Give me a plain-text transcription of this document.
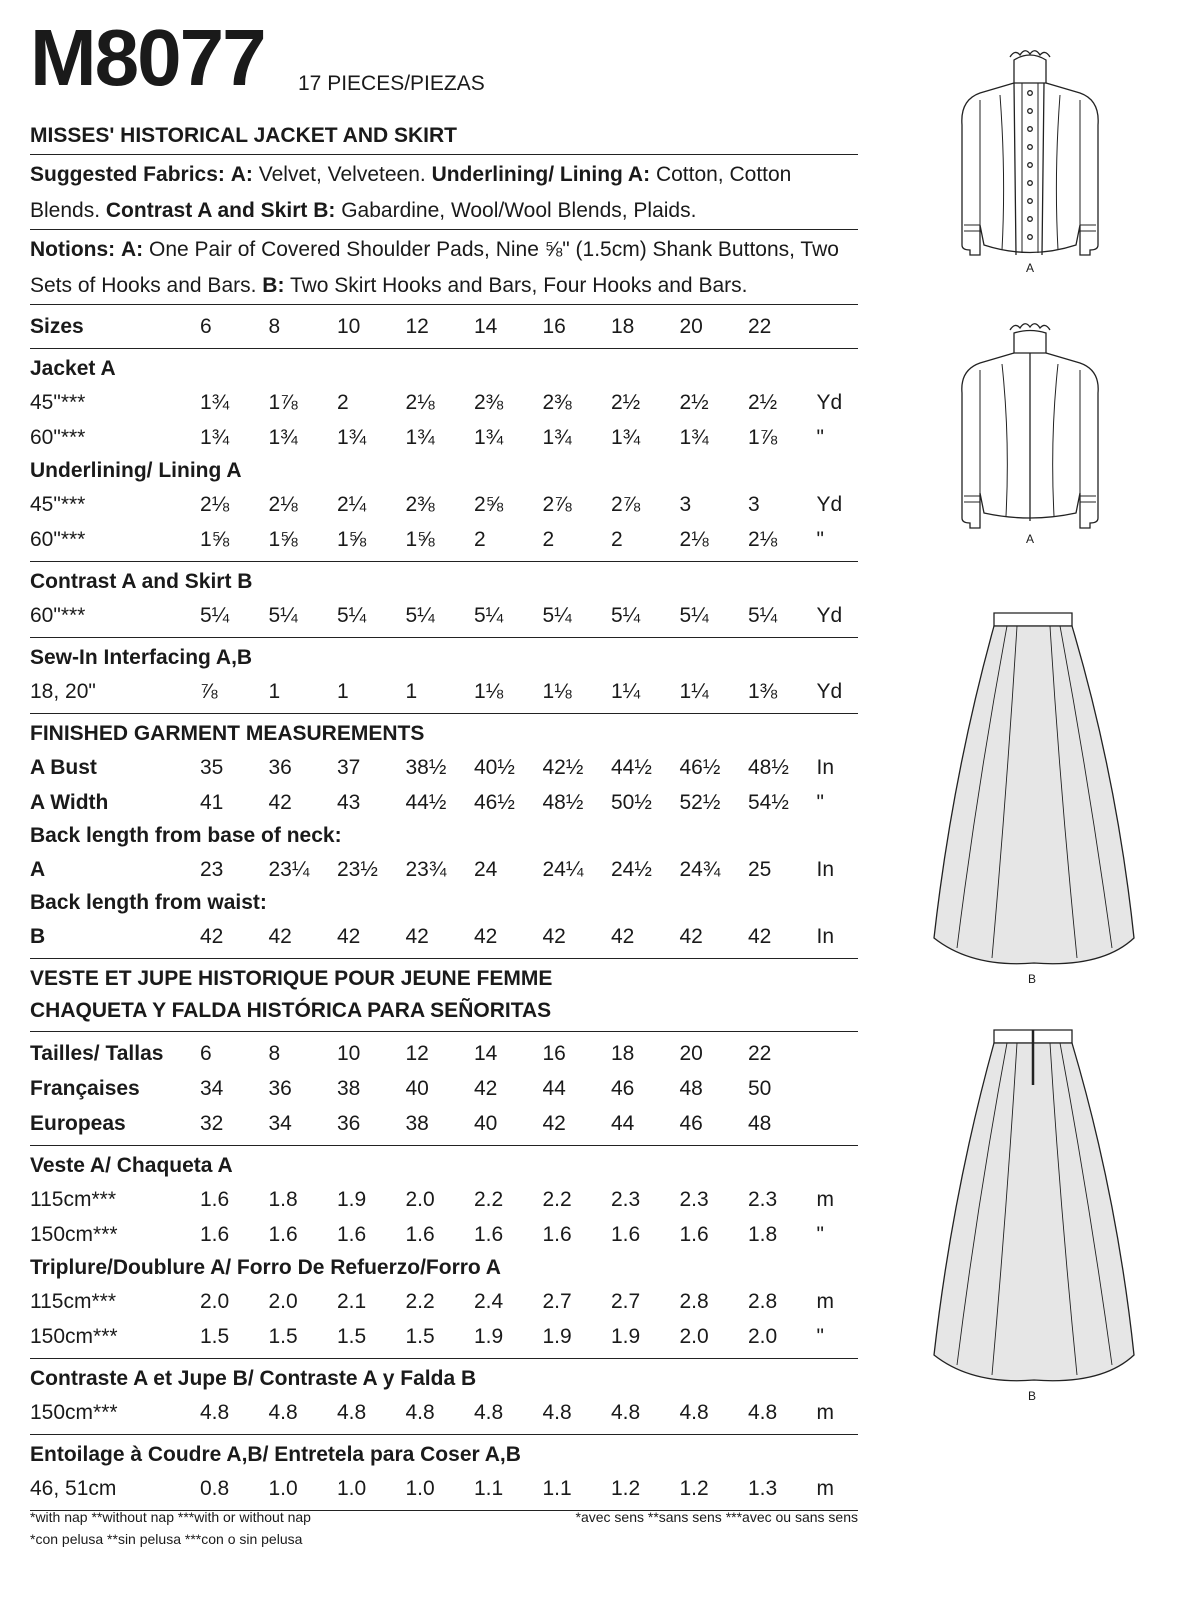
M8077 17 PIECES/PIEZAS
MISSES' HISTORICAL JACKET AND SKIRT
Suggested Fabrics: A: Velvet, Velveteen. Underlining/ Lining A: Cotton, Cotton
Blends. Contrast A and Skirt B: Gabardine, Wool/Wool Blends, Plaids.
Notions: A: One Pair of Covered Shoulder Pads, Nine ⅝" (1.5cm) Shank Buttons, Two
Sets of Hooks and Bars. B: Two Skirt Hooks and Bars, Four Hooks and Bars.
Sizes	6	8	10	12	14	16	18	20	22
Jacket A
45"***	1¾	1⅞	2	2⅛	2⅜	2⅜	2½	2½	2½	Yd
60"***	1¾	1¾	1¾	1¾	1¾	1¾	1¾	1¾	1⅞	"
Underlining/ Lining A
45"***	2⅛	2⅛	2¼	2⅜	2⅝	2⅞	2⅞	3	3	Yd
60"***	1⅝	1⅝	1⅝	1⅝	2	2	2	2⅛	2⅛	"
Contrast A and Skirt B
60"***	5¼	5¼	5¼	5¼	5¼	5¼	5¼	5¼	5¼	Yd
Sew-In Interfacing A,B
18, 20"	⅞	1	1	1	1⅛	1⅛	1¼	1¼	1⅜	Yd
FINISHED GARMENT MEASUREMENTS
A Bust	35	36	37	38½	40½	42½	44½	46½	48½	In
A Width	41	42	43	44½	46½	48½	50½	52½	54½	"
Back length from base of neck:
A	23	23¼	23½	23¾	24	24¼	24½	24¾	25	In
Back length from waist:
B	42	42	42	42	42	42	42	42	42	In
VESTE ET JUPE HISTORIQUE POUR JEUNE FEMME
CHAQUETA Y FALDA HISTÓRICA PARA SEÑORITAS
Tailles/ Tallas	6	8	10	12	14	16	18	20	22
Françaises	34	36	38	40	42	44	46	48	50
Europeas	32	34	36	38	40	42	44	46	48
Veste A/ Chaqueta A
115cm***	1.6	1.8	1.9	2.0	2.2	2.2	2.3	2.3	2.3	m
150cm***	1.6	1.6	1.6	1.6	1.6	1.6	1.6	1.6	1.8	"
Triplure/Doublure A/ Forro De Refuerzo/Forro A
115cm***	2.0	2.0	2.1	2.2	2.4	2.7	2.7	2.8	2.8	m
150cm***	1.5	1.5	1.5	1.5	1.9	1.9	1.9	2.0	2.0	"
Contraste A et Jupe B/ Contraste A y Falda B
150cm***	4.8	4.8	4.8	4.8	4.8	4.8	4.8	4.8	4.8	m
Entoilage à Coudre A,B/ Entretela para Coser A,B
46, 51cm	0.8	1.0	1.0	1.0	1.1	1.1	1.2	1.2	1.3	m
*with nap **without nap ***with or without nap
*con pelusa **sin pelusa ***con o sin pelusa
*avec sens **sans sens ***avec ou sans sens
A
A
B
B
